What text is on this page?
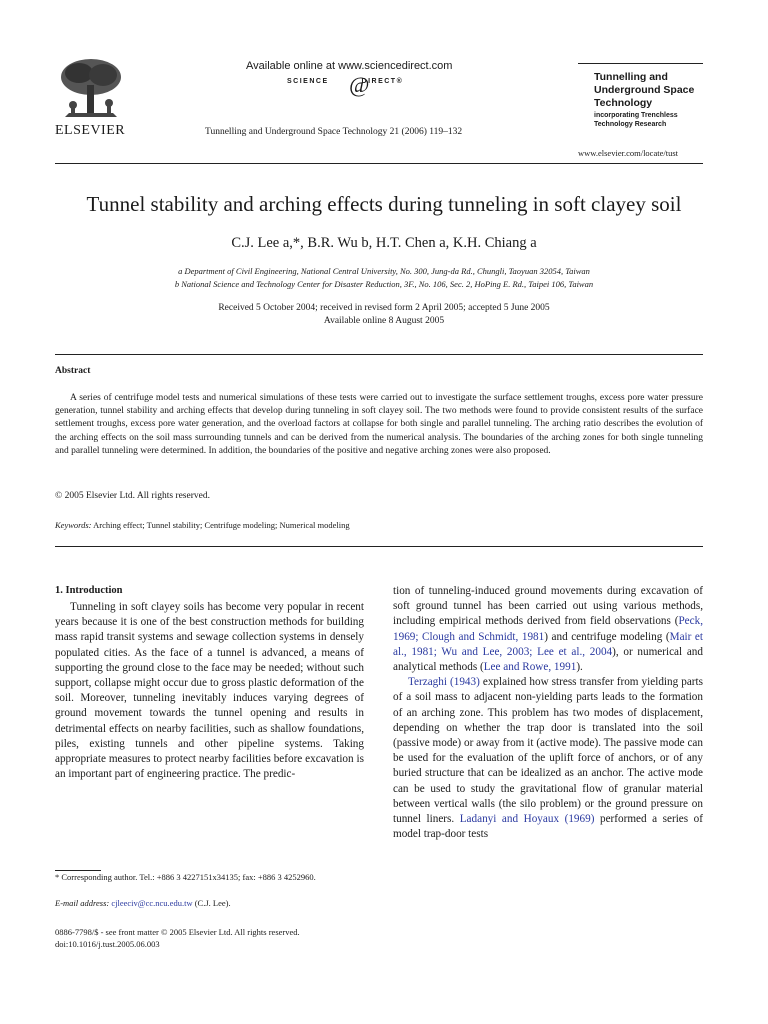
ELSEVIER
Available online at www.sciencedirect.com
SCIENCE	DIRECT®
@
Tunnelling and Underground Space Technology 21 (2006) 119–132
Tunnelling and Underground Space Technology
incorporating Trenchless Technology Research
www.elsevier.com/locate/tust
Tunnel stability and arching effects during tunneling in soft clayey soil
C.J. Lee a,*, B.R. Wu b, H.T. Chen a, K.H. Chiang a
a Department of Civil Engineering, National Central University, No. 300, Jung-da Rd., Chungli, Taoyuan 32054, Taiwan
b National Science and Technology Center for Disaster Reduction, 3F., No. 106, Sec. 2, HoPing E. Rd., Taipei 106, Taiwan
Received 5 October 2004; received in revised form 2 April 2005; accepted 5 June 2005
Available online 8 August 2005
Abstract
A series of centrifuge model tests and numerical simulations of these tests were carried out to investigate the surface settlement troughs, excess pore water pressure generation, tunnel stability and arching effects that develop during tunneling in soft clayey soil. The two methods were found to provide consistent results of the surface settlement troughs, excess pore water generation, and the overload factors at collapse for both single and parallel tunneling. The arching ratio describes the evolution of the arching effects on the soil mass surrounding tunnels and can be derived from the numerical analysis. The boundaries of the arching zones for both single tunneling and parallel tunneling were determined. In addition, the boundaries of the positive and negative arching zones were also proposed.
© 2005 Elsevier Ltd. All rights reserved.
Keywords: Arching effect; Tunnel stability; Centrifuge modeling; Numerical modeling
1. Introduction
Tunneling in soft clayey soils has become very popular in recent years because it is one of the best construction methods for building mass rapid transit systems and sewage collection systems in densely populated cities. As the face of a tunnel is advanced, a means of supporting the ground close to the face may be needed; without such support, collapse might occur due to gross plastic deformation of the soil. Moreover, tunneling inevitably induces varying degrees of ground movement towards the tunnel opening and results in detrimental effects on nearby facilities, such as shallow foundations, piles, existing tunnels and other pipeline systems. Taking appropriate measures to protect nearby facilities before excavation is an important part of engineering practice. The predic-
tion of tunneling-induced ground movements during excavation of soft ground tunnel has been carried out using various methods, including empirical methods derived from field observations (Peck, 1969; Clough and Schmidt, 1981) and centrifuge modeling (Mair et al., 1981; Wu and Lee, 2003; Lee et al., 2004), or numerical and analytical methods (Lee and Rowe, 1991).
Terzaghi (1943) explained how stress transfer from yielding parts of a soil mass to adjacent non-yielding parts leads to the formation of an arching zone. This problem has two modes of displacement, depending on whether the trap door is translated into the soil (passive mode) or away from it (active mode). The passive mode can be used for the evaluation of the uplift force of anchors, or of any buried structure that can be idealized as an anchor. The active mode can be used to study the gravitational flow of granular material between vertical walls (the silo problem) or the ground pressure on tunnel liners. Ladanyi and Hoyaux (1969) performed a series of model trap-door tests
* Corresponding author. Tel.: +886 3 4227151x34135; fax: +886 3 4252960.
E-mail address: cjleeciv@cc.ncu.edu.tw (C.J. Lee).
0886-7798/$ - see front matter © 2005 Elsevier Ltd. All rights reserved.
doi:10.1016/j.tust.2005.06.003
